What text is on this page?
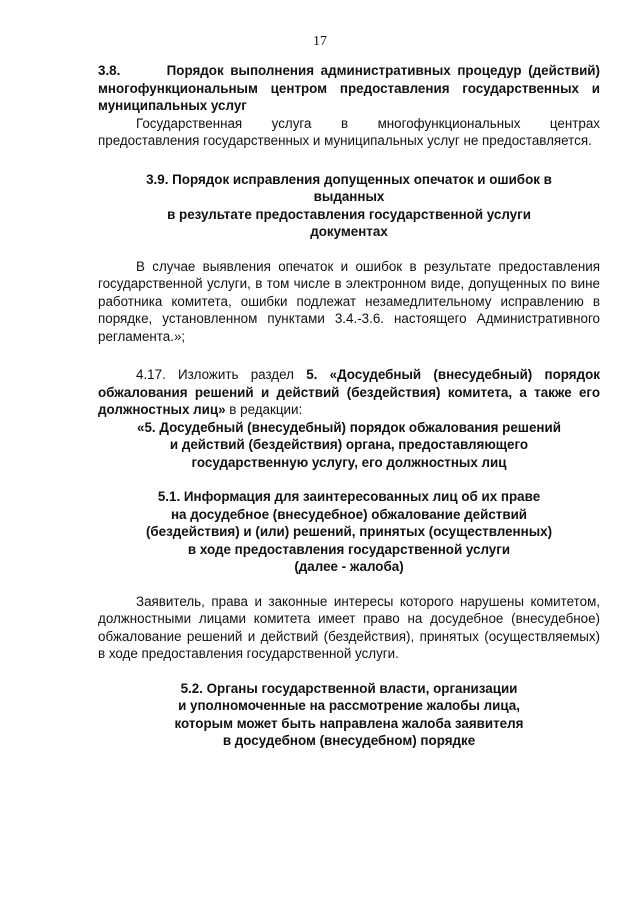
17
3.8.	Порядок выполнения административных процедур (действий) многофункциональным центром предоставления государственных и муниципальных услуг
Государственная услуга в многофункциональных центрах предоставления государственных и муниципальных услуг не предоставляется.
3.9. Порядок исправления допущенных опечаток и ошибок в
выданных
в результате предоставления государственной услуги
документах
В случае выявления опечаток и ошибок в результате предоставления государственной услуги, в том числе в электронном виде, допущенных по вине работника комитета, ошибки подлежат незамедлительному исправлению в порядке, установленном пунктами 3.4.-3.6. настоящего Административного регламента.»;
4.17. Изложить раздел 5. «Досудебный (внесудебный) порядок обжалования решений и действий (бездействия) комитета, а также его должностных лиц» в редакции:
«5. Досудебный (внесудебный) порядок обжалования решений
и действий (бездействия) органа, предоставляющего
государственную услугу, его должностных лиц
5.1. Информация для заинтересованных лиц об их праве
на досудебное (внесудебное) обжалование действий
(бездействия) и (или) решений, принятых (осуществленных)
в ходе предоставления государственной услуги
(далее - жалоба)
Заявитель, права и законные интересы которого нарушены комитетом, должностными лицами комитета имеет право на досудебное (внесудебное) обжалование решений и действий (бездействия), принятых (осуществляемых) в ходе предоставления государственной услуги.
5.2. Органы государственной власти, организации
и уполномоченные на рассмотрение жалобы лица,
которым может быть направлена жалоба заявителя
в досудебном (внесудебном) порядке
